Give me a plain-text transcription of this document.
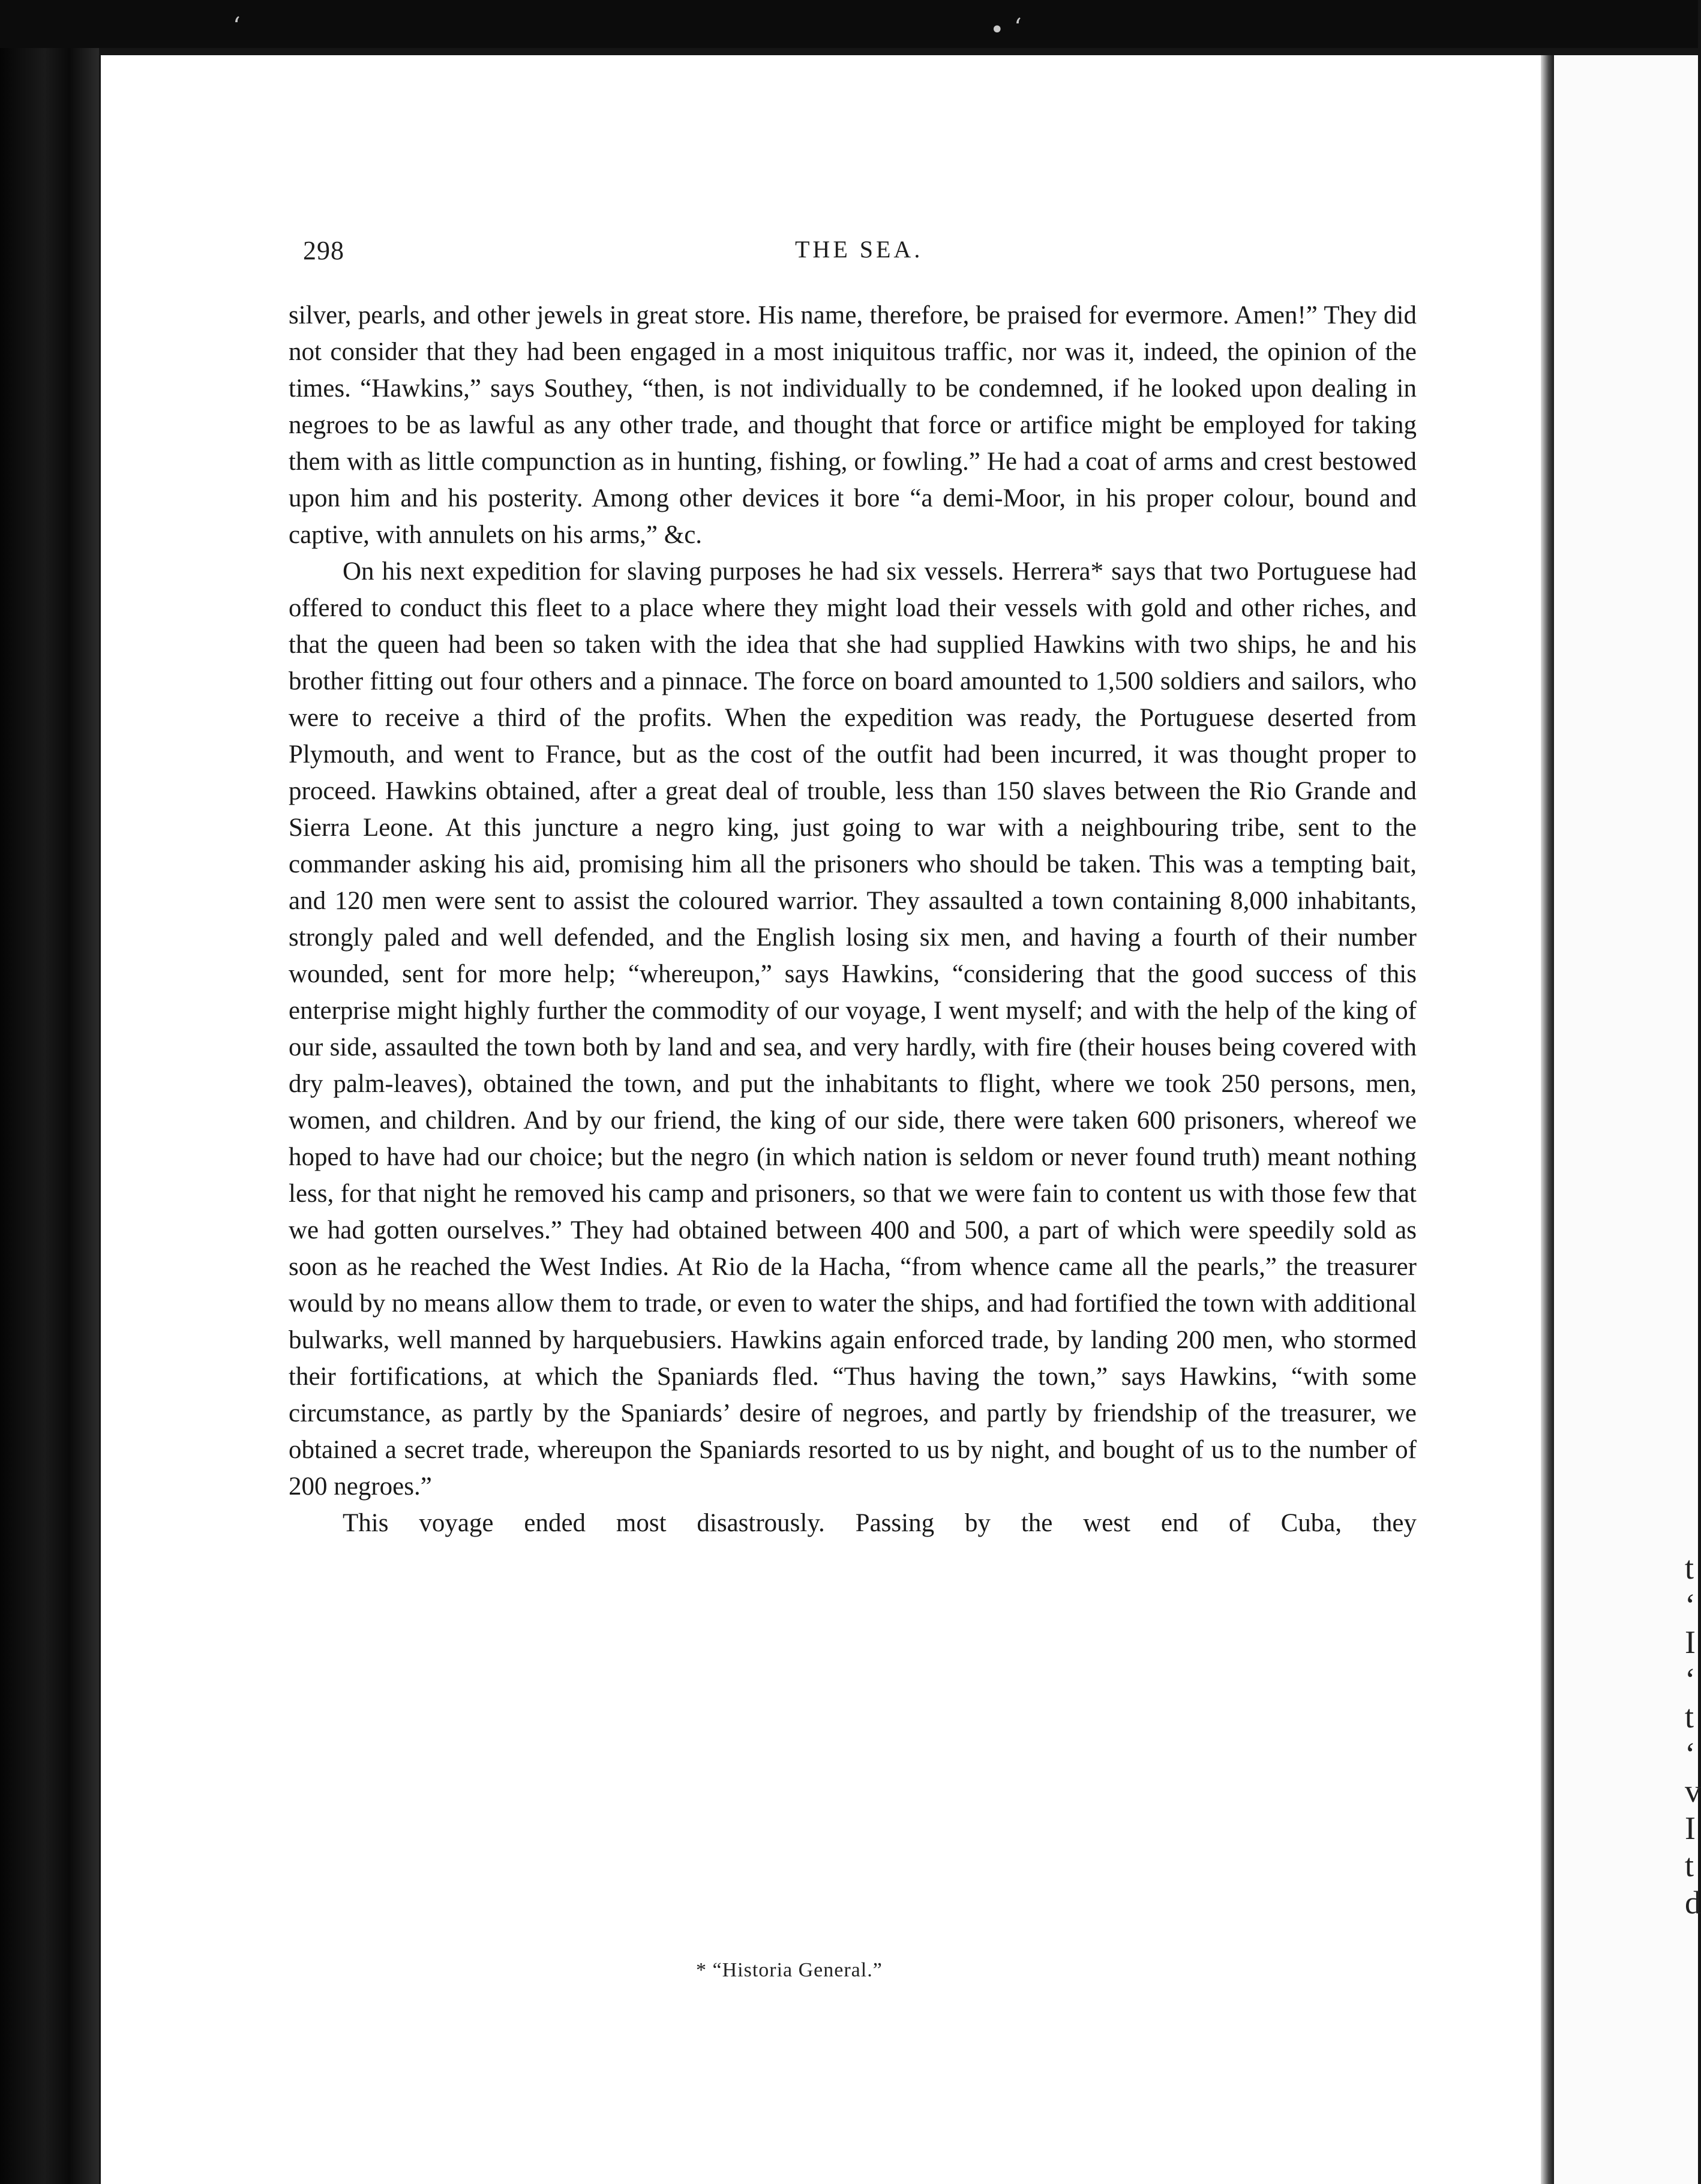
‘	• ‘
t
‘
I
‘
t
‘
v
I
t
d
298	THE SEA.

silver, pearls, and other jewels in great store. His name, therefore, be praised for evermore. Amen!” They did not consider that they had been engaged in a most iniquitous traffic, nor was it, indeed, the opinion of the times. “Hawkins,” says Southey, “then, is not individually to be condemned, if he looked upon dealing in negroes to be as lawful as any other trade, and thought that force or artifice might be employed for taking them with as little compunction as in hunting, fishing, or fowling.” He had a coat of arms and crest bestowed upon him and his posterity. Among other devices it bore “a demi-Moor, in his proper colour, bound and captive, with annulets on his arms,” &c.

On his next expedition for slaving purposes he had six vessels. Herrera* says that two Portuguese had offered to conduct this fleet to a place where they might load their vessels with gold and other riches, and that the queen had been so taken with the idea that she had supplied Hawkins with two ships, he and his brother fitting out four others and a pinnace. The force on board amounted to 1,500 soldiers and sailors, who were to receive a third of the profits. When the expedition was ready, the Portuguese deserted from Plymouth, and went to France, but as the cost of the outfit had been incurred, it was thought proper to proceed. Hawkins obtained, after a great deal of trouble, less than 150 slaves between the Rio Grande and Sierra Leone. At this juncture a negro king, just going to war with a neighbouring tribe, sent to the commander asking his aid, promising him all the prisoners who should be taken. This was a tempting bait, and 120 men were sent to assist the coloured warrior. They assaulted a town containing 8,000 inhabitants, strongly paled and well defended, and the English losing six men, and having a fourth of their number wounded, sent for more help; “whereupon,” says Hawkins, “considering that the good success of this enterprise might highly further the commodity of our voyage, I went myself; and with the help of the king of our side, assaulted the town both by land and sea, and very hardly, with fire (their houses being covered with dry palm-leaves), obtained the town, and put the inhabitants to flight, where we took 250 persons, men, women, and children. And by our friend, the king of our side, there were taken 600 prisoners, whereof we hoped to have had our choice; but the negro (in which nation is seldom or never found truth) meant nothing less, for that night he removed his camp and prisoners, so that we were fain to content us with those few that we had gotten ourselves.” They had obtained between 400 and 500, a part of which were speedily sold as soon as he reached the West Indies. At Rio de la Hacha, “from whence came all the pearls,” the treasurer would by no means allow them to trade, or even to water the ships, and had fortified the town with additional bulwarks, well manned by harquebusiers. Hawkins again enforced trade, by landing 200 men, who stormed their fortifications, at which the Spaniards fled. “Thus having the town,” says Hawkins, “with some circumstance, as partly by the Spaniards’ desire of negroes, and partly by friendship of the treasurer, we obtained a secret trade, whereupon the Spaniards resorted to us by night, and bought of us to the number of 200 negroes.”

This voyage ended most disastrously. Passing by the west end of Cuba, they

* “Historia General.”
